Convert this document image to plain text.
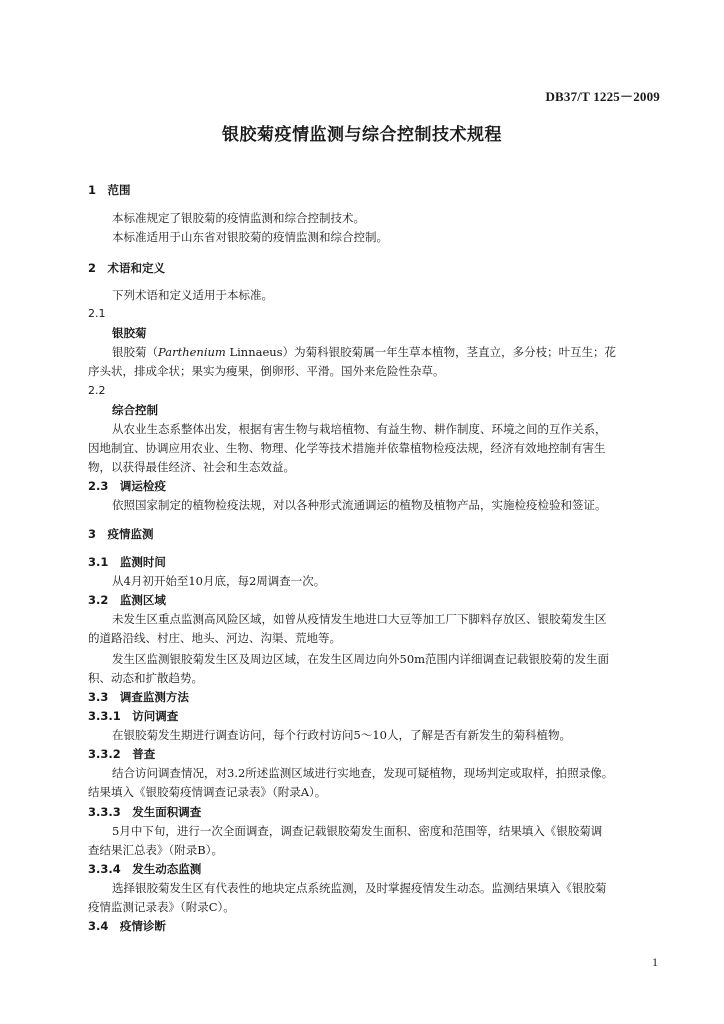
DB37/T 1225－2009
银胶菊疫情监测与综合控制技术规程
1　范围
本标准规定了银胶菊的疫情监测和综合控制技术。
本标准适用于山东省对银胶菊的疫情监测和综合控制。
2　术语和定义
下列术语和定义适用于本标准。
2.1
银胶菊
银胶菊（Parthenium Linnaeus）为菊科银胶菊属一年生草本植物，茎直立，多分枝；叶互生；花
序头状，排成伞状；果实为瘦果，倒卵形、平滑。国外来危险性杂草。
2.2
综合控制
从农业生态系整体出发，根据有害生物与栽培植物、有益生物、耕作制度、环境之间的互作关系，
因地制宜、协调应用农业、生物、物理、化学等技术措施并依靠植物检疫法规，经济有效地控制有害生
物，以获得最佳经济、社会和生态效益。
2.3　调运检疫
依照国家制定的植物检疫法规，对以各种形式流通调运的植物及植物产品，实施检疫检验和签证。
3　疫情监测
3.1　监测时间
从4月初开始至10月底，每2周调查一次。
3.2　监测区域
未发生区重点监测高风险区域，如曾从疫情发生地进口大豆等加工厂下脚料存放区、银胶菊发生区
的道路沿线、村庄、地头、河边、沟渠、荒地等。
发生区监测银胶菊发生区及周边区域，在发生区周边向外50m范围内详细调查记载银胶菊的发生面
积、动态和扩散趋势。
3.3　调查监测方法
3.3.1　访问调查
在银胶菊发生期进行调查访问，每个行政村访问5～10人，了解是否有新发生的菊科植物。
3.3.2　普查
结合访问调查情况，对3.2所述监测区域进行实地查，发现可疑植物，现场判定或取样，拍照录像。
结果填入《银胶菊疫情调查记录表》（附录A）。
3.3.3　发生面积调查
5月中下旬，进行一次全面调查，调查记载银胶菊发生面积、密度和范围等，结果填入《银胶菊调
查结果汇总表》（附录B）。
3.3.4　发生动态监测
选择银胶菊发生区有代表性的地块定点系统监测，及时掌握疫情发生动态。监测结果填入《银胶菊
疫情监测记录表》（附录C）。
3.4　疫情诊断
1
